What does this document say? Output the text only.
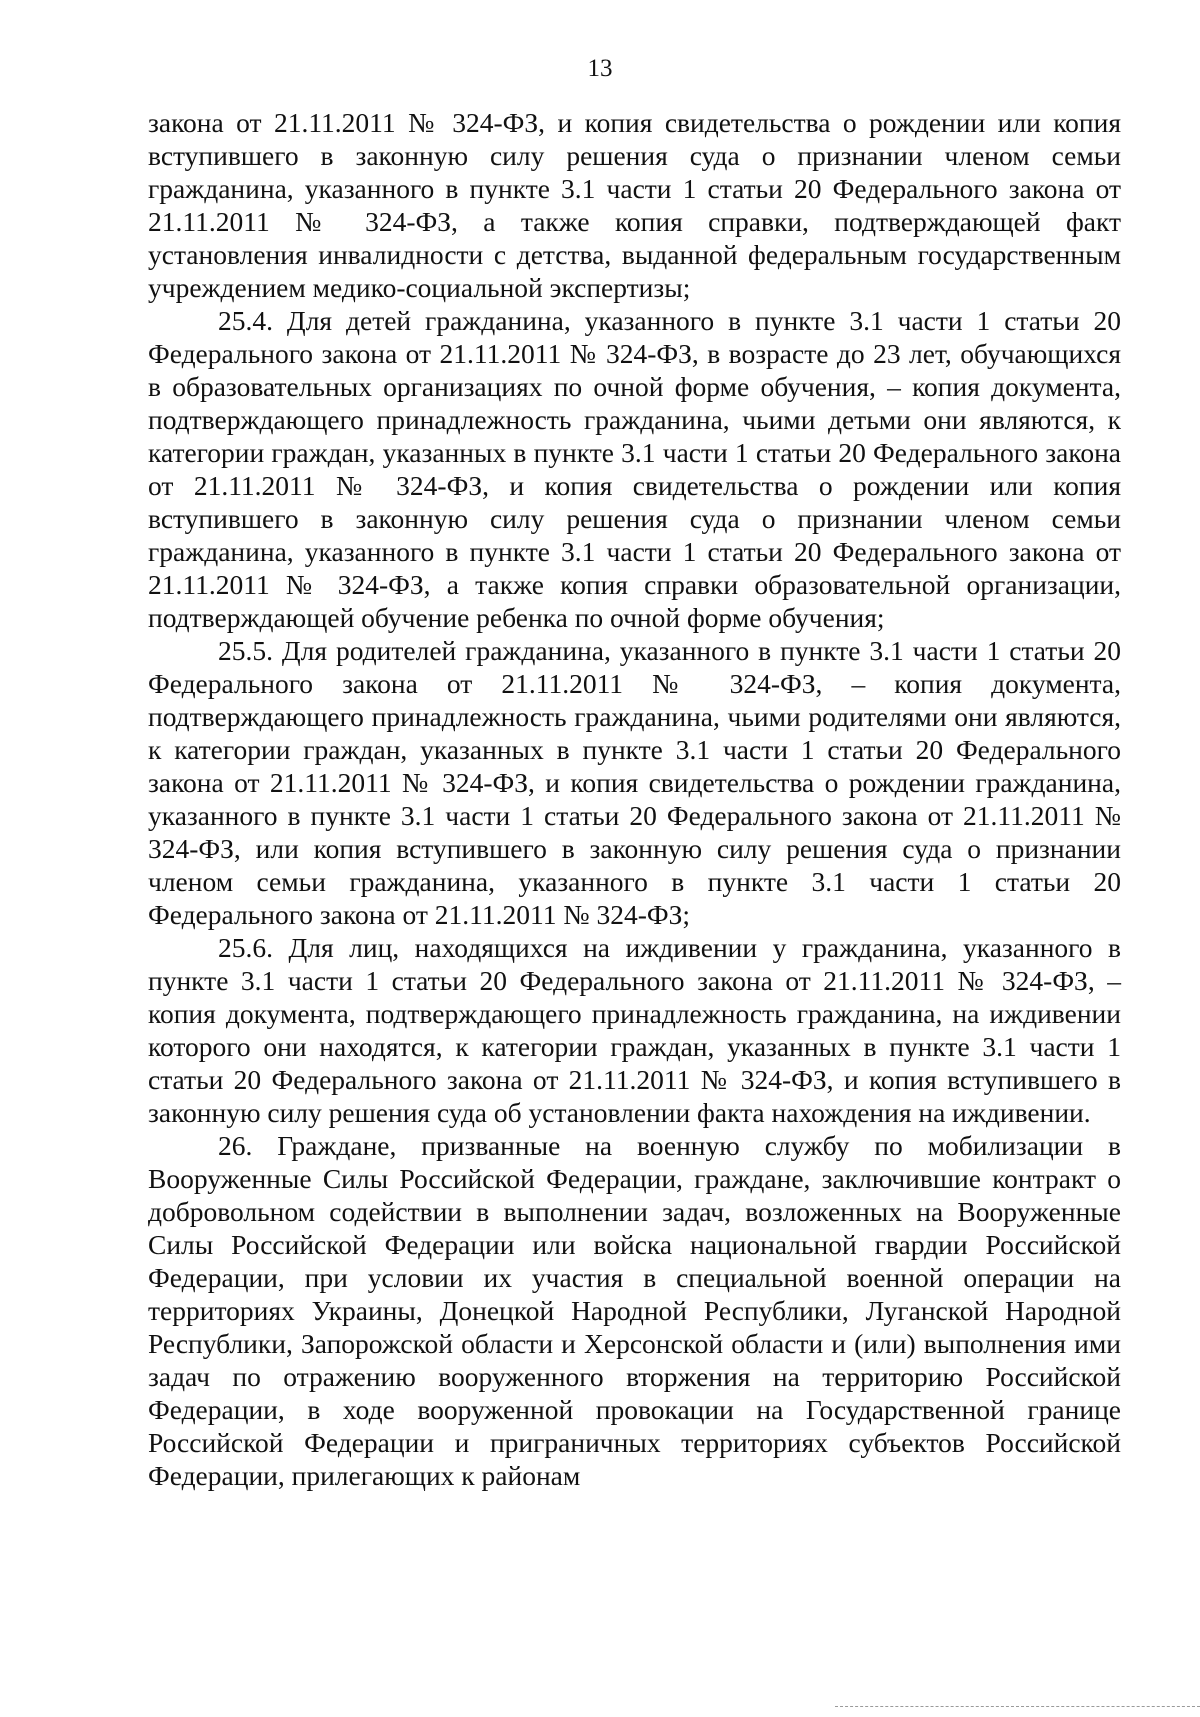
13

закона от 21.11.2011 № 324-ФЗ, и копия свидетельства о рождении или копия вступившего в законную силу решения суда о признании членом семьи гражданина, указанного в пункте 3.1 части 1 статьи 20 Федерального закона от 21.11.2011 № 324-ФЗ, а также копия справки, подтверждающей факт установления инвалидности с детства, выданной федеральным государственным учреждением медико-социальной экспертизы;

25.4. Для детей гражданина, указанного в пункте 3.1 части 1 статьи 20 Федерального закона от 21.11.2011 № 324-ФЗ, в возрасте до 23 лет, обучающихся в образовательных организациях по очной форме обучения, – копия документа, подтверждающего принадлежность гражданина, чьими детьми они являются, к категории граждан, указанных в пункте 3.1 части 1 статьи 20 Федерального закона от 21.11.2011 № 324-ФЗ, и копия свидетельства о рождении или копия вступившего в законную силу решения суда о признании членом семьи гражданина, указанного в пункте 3.1 части 1 статьи 20 Федерального закона от 21.11.2011 № 324-ФЗ, а также копия справки образовательной организации, подтверждающей обучение ребенка по очной форме обучения;

25.5. Для родителей гражданина, указанного в пункте 3.1 части 1 статьи 20 Федерального закона от 21.11.2011 № 324-ФЗ, – копия документа, подтверждающего принадлежность гражданина, чьими родителями они являются, к категории граждан, указанных в пункте 3.1 части 1 статьи 20 Федерального закона от 21.11.2011 № 324-ФЗ, и копия свидетельства о рождении гражданина, указанного в пункте 3.1 части 1 статьи 20 Федерального закона от 21.11.2011 № 324-ФЗ, или копия вступившего в законную силу решения суда о признании членом семьи гражданина, указанного в пункте 3.1 части 1 статьи 20 Федерального закона от 21.11.2011 № 324-ФЗ;

25.6. Для лиц, находящихся на иждивении у гражданина, указанного в пункте 3.1 части 1 статьи 20 Федерального закона от 21.11.2011 № 324-ФЗ, – копия документа, подтверждающего принадлежность гражданина, на иждивении которого они находятся, к категории граждан, указанных в пункте 3.1 части 1 статьи 20 Федерального закона от 21.11.2011 № 324-ФЗ, и копия вступившего в законную силу решения суда об установлении факта нахождения на иждивении.

26. Граждане, призванные на военную службу по мобилизации в Вооруженные Силы Российской Федерации, граждане, заключившие контракт о добровольном содействии в выполнении задач, возложенных на Вооруженные Силы Российской Федерации или войска национальной гвардии Российской Федерации, при условии их участия в специальной военной операции на территориях Украины, Донецкой Народной Республики, Луганской Народной Республики, Запорожской области и Херсонской области и (или) выполнения ими задач по отражению вооруженного вторжения на территорию Российской Федерации, в ходе вооруженной провокации на Государственной границе Российской Федерации и приграничных территориях субъектов Российской Федерации, прилегающих к районам
